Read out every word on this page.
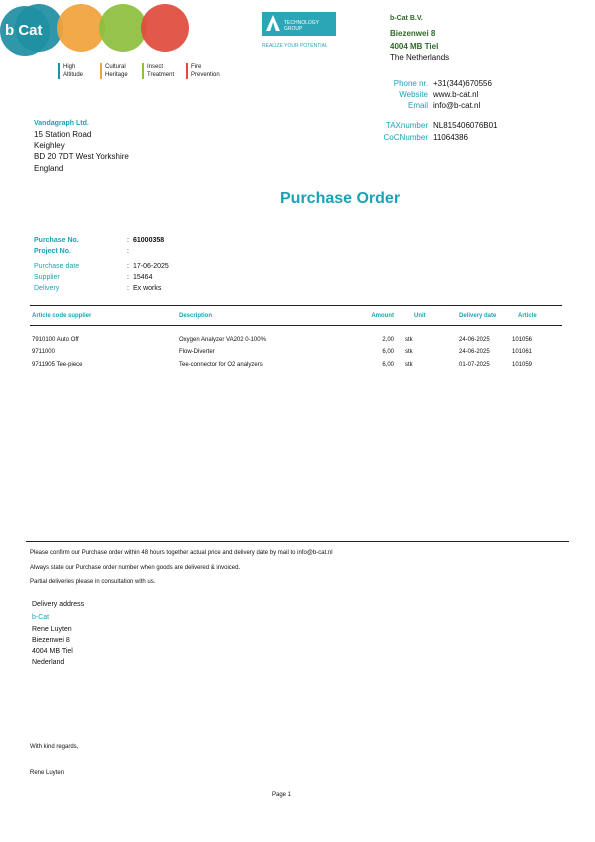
b Cat
High
Altitude
Cultural
Heritage
Insect
Treatment
Fire
Prevention
TECHNOLOGY GROUP
REALIZE YOUR POTENTIAL
b-Cat B.V.
Biezenwei 8
4004 MB Tiel
The Netherlands
Phone nr. +31(344)670556
Website www.b-cat.nl
Email info@b-cat.nl
TAXnumber NL815406076B01
CoCNumber 11064386
Vandagraph Ltd.
15 Station Road
Keighley
BD 20 7DT West Yorkshire
England
Purchase Order
Purchase No.	: 61000358
Project No.	:
Purchase date	: 17-06-2025
Supplier	: 15464
Delivery	: Ex works
Article code supplier	Description	Amount	Unit	Delivery date	Article
7910100 Auto Off	Oxygen Analyzer VA202 0-100%	2,00 stk	24-06-2025	101056
9711000	Flow-Diverter	6,00 stk	24-06-2025	101061
9711905 Tee-piece	Tee-connector for O2 analyzers	6,00 stk	01-07-2025	101059
Please confirm our Purchase order within 48 hours together actual price and delivery date by mail to info@b-cat.nl
Always state our Purchase order number when goods are delivered & invoiced.
Partial deliveries please in consultation with us.
Delivery address
b-Cat
Rene Luyten
Biezenwei 8
4004 MB Tiel
Nederland
With kind regards,
Rene Luyten
Page 1
